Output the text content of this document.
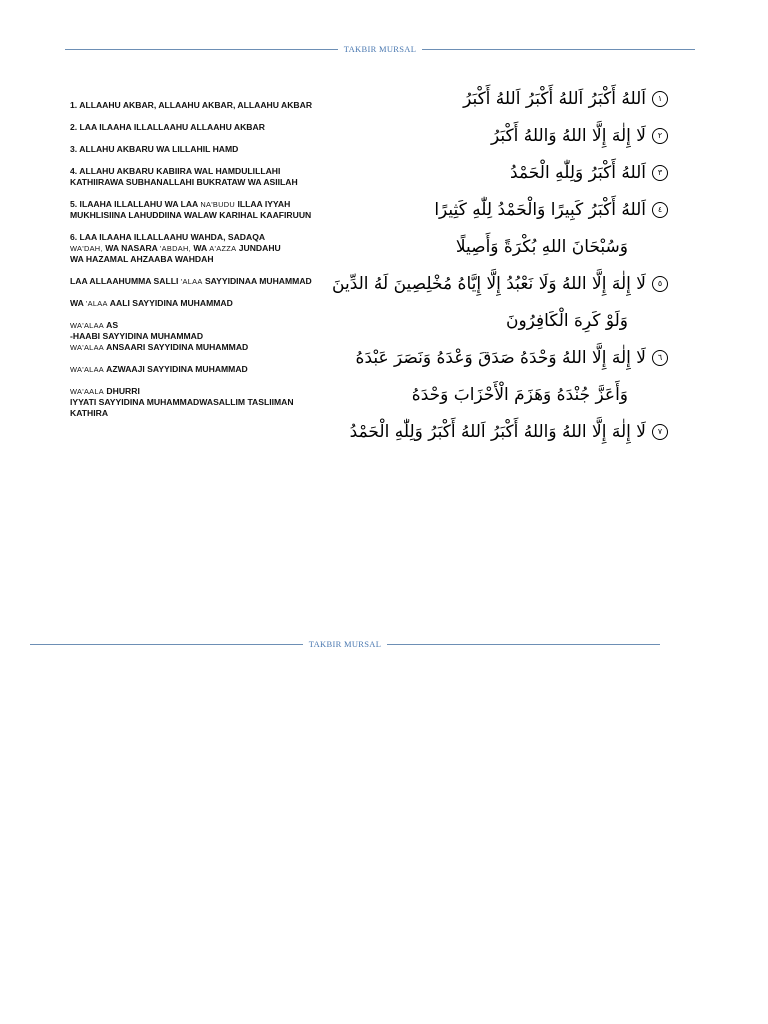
TAKBIR MURSAL
1. ALLAAHU AKBAR, ALLAAHU AKBAR, ALLAAHU AKBAR
2. LAA ILAAHA ILLALLAAHU ALLAAHU AKBAR
3. ALLAHU AKBARU WA LILLAHIL HAMD
4. ALLAHU AKBARU KABIIRA WAL HAMDULILLAHI
KATHIIRAWA SUBHANALLAHI BUKRATAW WA ASIILAH
5. ILAAHA ILLALLAHU WA LAA NA'BUDU ILLAA IYYAH
MUKHLISIINA LAHUDDIINA WALAW KARIHAL KAAFIRUUN
6. LAA ILAAHA ILLALLAAHU WAHDA, SADAQA
WA'DAH, WA NASARA 'ABDAH, WA A'AZZA JUNDAHU
WA HAZAMAL AHZAABA WAHDAH
LAA ALLAAHUMMA SALLI 'ALAA SAYYIDINAA MUHAMMAD
WA 'ALAA AALI SAYYIDINA MUHAMMAD
WA'ALAA AS
-HAABI SAYYIDINA MUHAMMAD
WA'ALAA ANSAARI SAYYIDINA MUHAMMAD
WA'ALAA AZWAAJI SAYYIDINA MUHAMMAD
WA'AALA DHURRI
IYYATI SAYYIDINA MUHAMMADWASALLIM TASLIIMAN
KATHIRA
١
اَللهُ أَكْبَرُ اَللهُ أَكْبَرُ اَللهُ أَكْبَرُ
٢
لَا إِلٰهَ إِلَّا اللهُ وَاللهُ أَكْبَرُ
٣
اَللهُ أَكْبَرُ وَلِلّٰهِ الْحَمْدُ
٤
اَللهُ أَكْبَرُ كَبِيرًا وَالْحَمْدُ لِلّٰهِ كَثِيرًا
وَسُبْحَانَ اللهِ بُكْرَةً وَأَصِيلًا
٥
لَا إِلٰهَ إِلَّا اللهُ وَلَا نَعْبُدُ إِلَّا إِيَّاهُ مُخْلِصِينَ لَهُ الدِّينَ
وَلَوْ كَرِهَ الْكَافِرُونَ
٦
لَا إِلٰهَ إِلَّا اللهُ وَحْدَهُ صَدَقَ وَعْدَهُ وَنَصَرَ عَبْدَهُ
وَأَعَزَّ جُنْدَهُ وَهَزَمَ الْأَحْزَابَ وَحْدَهُ
٧
لَا إِلٰهَ إِلَّا اللهُ وَاللهُ أَكْبَرُ اَللهُ أَكْبَرُ وَلِلّٰهِ الْحَمْدُ
TAKBIR MURSAL
